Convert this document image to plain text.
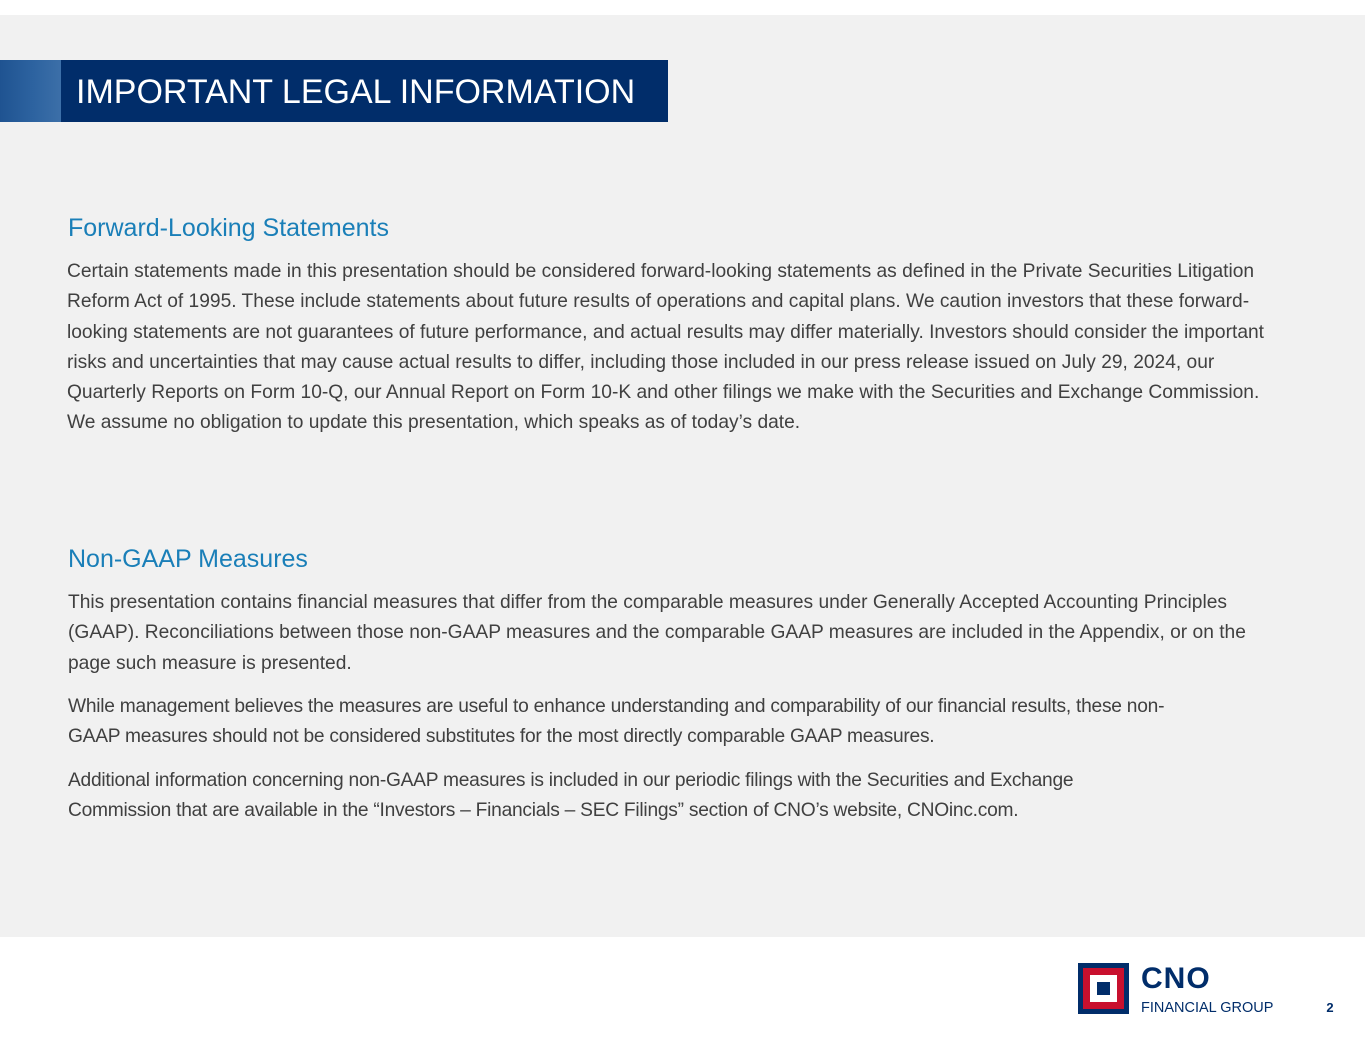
IMPORTANT LEGAL INFORMATION
Forward-Looking Statements

Certain statements made in this presentation should be considered forward-looking statements as defined in the Private Securities Litigation Reform Act of 1995. These include statements about future results of operations and capital plans. We caution investors that these forward-looking statements are not guarantees of future performance, and actual results may differ materially. Investors should consider the important risks and uncertainties that may cause actual results to differ, including those included in our press release issued on July 29, 2024, our Quarterly Reports on Form 10-Q, our Annual Report on Form 10-K and other filings we make with the Securities and Exchange Commission. We assume no obligation to update this presentation, which speaks as of today’s date.

Non-GAAP Measures

This presentation contains financial measures that differ from the comparable measures under Generally Accepted Accounting Principles (GAAP). Reconciliations between those non-GAAP measures and the comparable GAAP measures are included in the Appendix, or on the page such measure is presented.

While management believes the measures are useful to enhance understanding and comparability of our financial results, these non-GAAP measures should not be considered substitutes for the most directly comparable GAAP measures.

Additional information concerning non-GAAP measures is included in our periodic filings with the Securities and Exchange Commission that are available in the “Investors – Financials – SEC Filings” section of CNO’s website, CNOinc.com.

CNO
FINANCIAL GROUP	2
